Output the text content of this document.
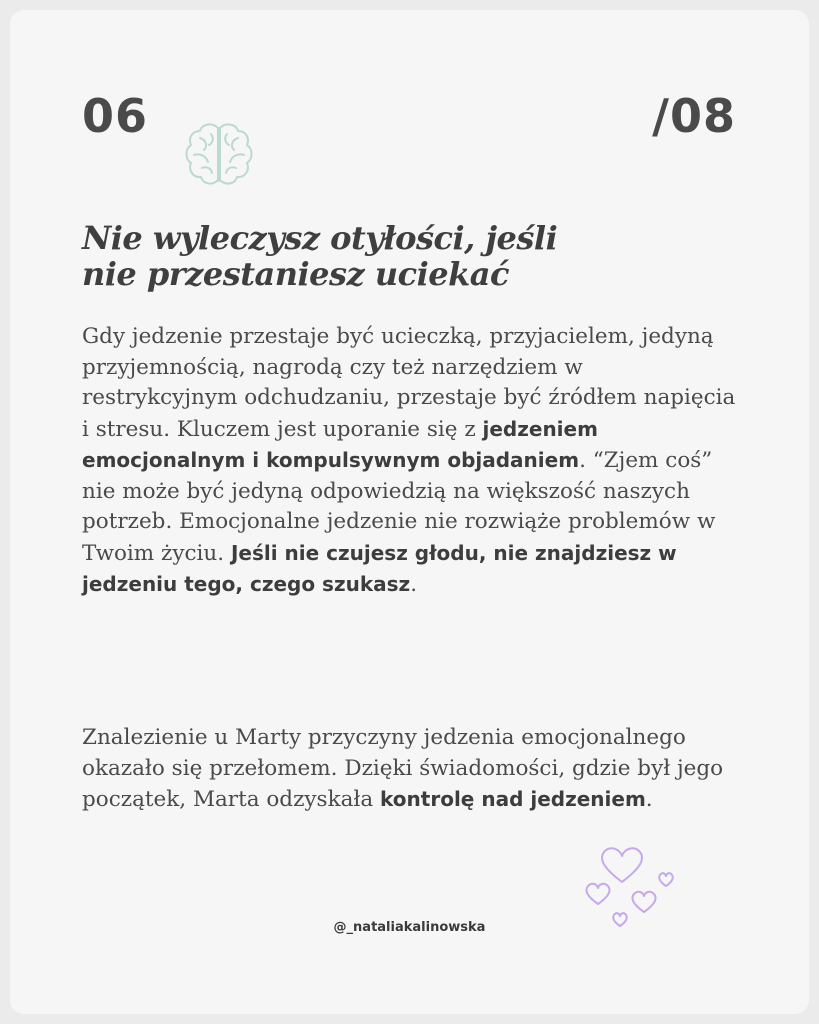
06	/08
Nie wyleczysz otyłości, jeśli
nie przestaniesz uciekać

Gdy jedzenie przestaje być ucieczką, przyjacielem, jedyną przyjemnością, nagrodą czy też narzędziem w restrykcyjnym odchudzaniu, przestaje być źródłem napięcia i stresu. Kluczem jest uporanie się z jedzeniem emocjonalnym i kompulsywnym objadaniem. “Zjem coś” nie może być jedyną odpowiedzią na większość naszych potrzeb. Emocjonalne jedzenie nie rozwiąże problemów w Twoim życiu. Jeśli nie czujesz głodu, nie znajdziesz w jedzeniu tego, czego szukasz.

Znalezienie u Marty przyczyny jedzenia emocjonalnego okazało się przełomem. Dzięki świadomości, gdzie był jego początek, Marta odzyskała kontrolę nad jedzeniem.

@_nataliakalinowska
